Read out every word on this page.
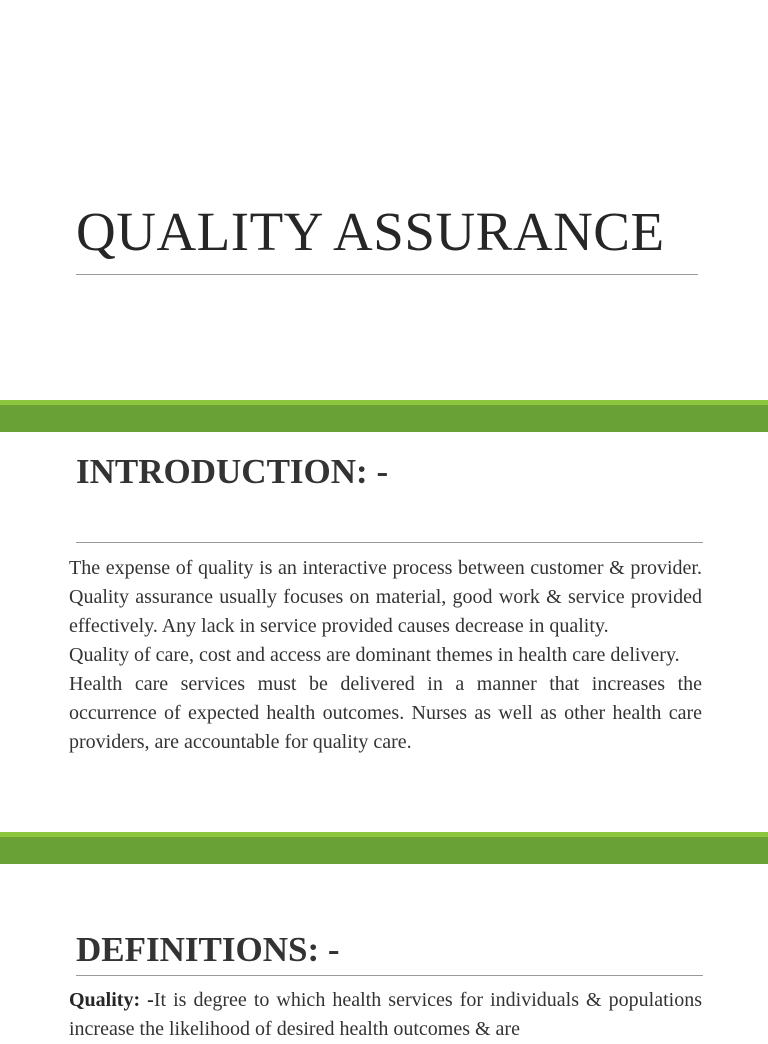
QUALITY ASSURANCE
INTRODUCTION: -

The expense of quality is an interactive process between customer & provider. Quality assurance usually focuses on material, good work & service provided effectively. Any lack in service provided causes decrease in quality.

Quality of care, cost and access are dominant themes in health care delivery.

Health care services must be delivered in a manner that increases the occurrence of expected health outcomes. Nurses as well as other health care providers, are accountable for quality care.

DEFINITIONS: -
Quality: -It is degree to which health services for individuals & populations increase the likelihood of desired health outcomes & are
